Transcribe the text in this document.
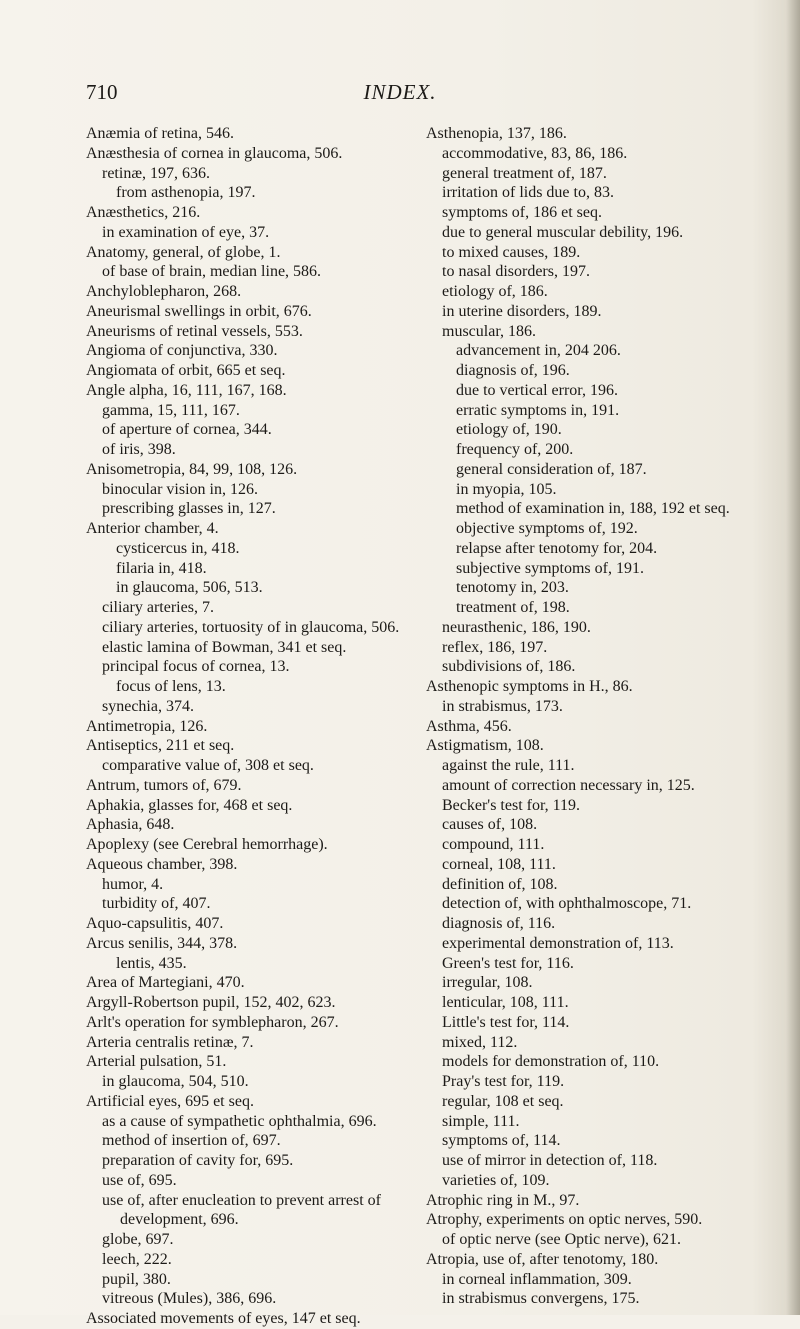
710	INDEX.

Anæmia of retina, 546.

Anæsthesia of cornea in glaucoma, 506.

retinæ, 197, 636.

from asthenopia, 197.

Anæsthetics, 216.

in examination of eye, 37.

Anatomy, general, of globe, 1.

of base of brain, median line, 586.

Anchyloblepharon, 268.

Aneurismal swellings in orbit, 676.

Aneurisms of retinal vessels, 553.

Angioma of conjunctiva, 330.

Angiomata of orbit, 665 et seq.

Angle alpha, 16, 111, 167, 168.

gamma, 15, 111, 167.

of aperture of cornea, 344.

of iris, 398.

Anisometropia, 84, 99, 108, 126.

binocular vision in, 126.

prescribing glasses in, 127.

Anterior chamber, 4.

cysticercus in, 418.

filaria in, 418.

in glaucoma, 506, 513.

ciliary arteries, 7.

ciliary arteries, tortuosity of in glaucoma, 506.

elastic lamina of Bowman, 341 et seq.

principal focus of cornea, 13.

focus of lens, 13.

synechia, 374.

Antimetropia, 126.

Antiseptics, 211 et seq.

comparative value of, 308 et seq.

Antrum, tumors of, 679.

Aphakia, glasses for, 468 et seq.

Aphasia, 648.

Apoplexy (see Cerebral hemorrhage).

Aqueous chamber, 398.

humor, 4.

turbidity of, 407.

Aquo-capsulitis, 407.

Arcus senilis, 344, 378.

lentis, 435.

Area of Martegiani, 470.

Argyll-Robertson pupil, 152, 402, 623.

Arlt's operation for symblepharon, 267.

Arteria centralis retinæ, 7.

Arterial pulsation, 51.

in glaucoma, 504, 510.

Artificial eyes, 695 et seq.

as a cause of sympathetic ophthalmia, 696.

method of insertion of, 697.

preparation of cavity for, 695.

use of, 695.

use of, after enucleation to prevent arrest of development, 696.

globe, 697.

leech, 222.

pupil, 380.

vitreous (Mules), 386, 696.

Associated movements of eyes, 147 et seq.

Asthenopia, 137, 186.

accommodative, 83, 86, 186.

general treatment of, 187.

irritation of lids due to, 83.

symptoms of, 186 et seq.

due to general muscular debility, 196.

to mixed causes, 189.

to nasal disorders, 197.

etiology of, 186.

in uterine disorders, 189.

muscular, 186.

advancement in, 204 206.

diagnosis of, 196.

due to vertical error, 196.

erratic symptoms in, 191.

etiology of, 190.

frequency of, 200.

general consideration of, 187.

in myopia, 105.

method of examination in, 188, 192 et seq.

objective symptoms of, 192.

relapse after tenotomy for, 204.

subjective symptoms of, 191.

tenotomy in, 203.

treatment of, 198.

neurasthenic, 186, 190.

reflex, 186, 197.

subdivisions of, 186.

Asthenopic symptoms in H., 86.

in strabismus, 173.

Asthma, 456.

Astigmatism, 108.

against the rule, 111.

amount of correction necessary in, 125.

Becker's test for, 119.

causes of, 108.

compound, 111.

corneal, 108, 111.

definition of, 108.

detection of, with ophthalmoscope, 71.

diagnosis of, 116.

experimental demonstration of, 113.

Green's test for, 116.

irregular, 108.

lenticular, 108, 111.

Little's test for, 114.

mixed, 112.

models for demonstration of, 110.

Pray's test for, 119.

regular, 108 et seq.

simple, 111.

symptoms of, 114.

use of mirror in detection of, 118.

varieties of, 109.

Atrophic ring in M., 97.

Atrophy, experiments on optic nerves, 590.

of optic nerve (see Optic nerve), 621.

Atropia, use of, after tenotomy, 180.

in corneal inflammation, 309.

in strabismus convergens, 175.
